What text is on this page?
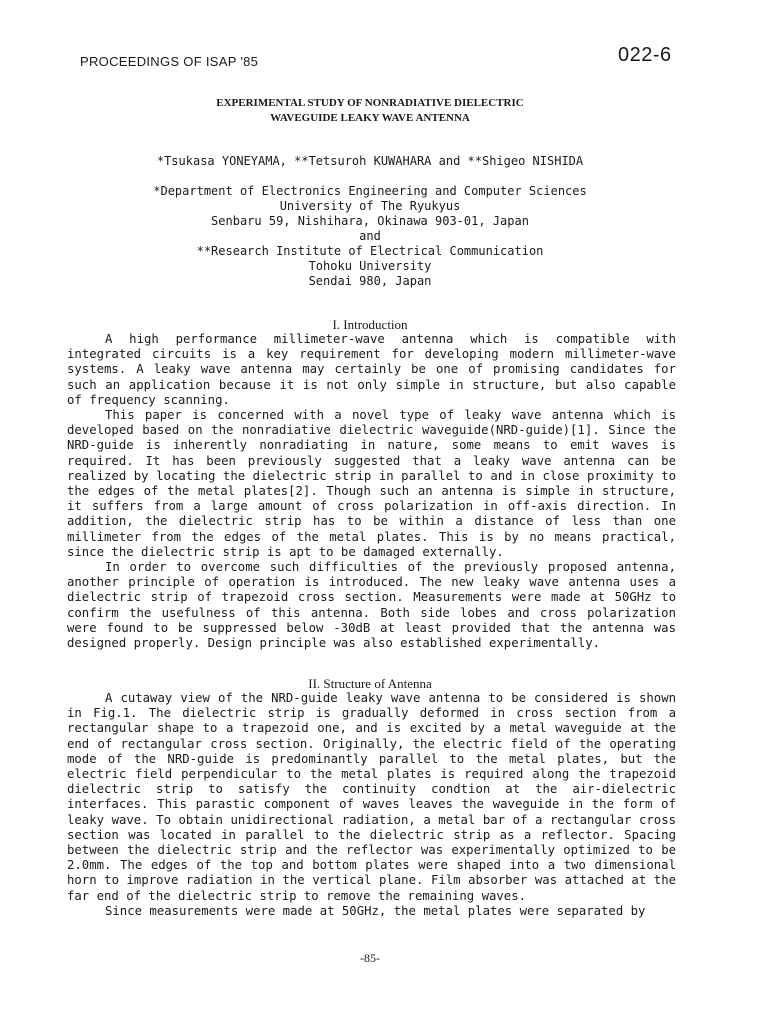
PROCEEDINGS OF ISAP '85	022-6
EXPERIMENTAL STUDY OF NONRADIATIVE DIELECTRIC
WAVEGUIDE LEAKY WAVE ANTENNA
*Tsukasa YONEYAMA, **Tetsuroh KUWAHARA and **Shigeo NISHIDA
*Department of Electronics Engineering and Computer Sciences
University of The Ryukyus
Senbaru 59, Nishihara, Okinawa 903-01, Japan
and
**Research Institute of Electrical Communication
Tohoku University
Sendai 980, Japan
I. Introduction

A high performance millimeter-wave antenna which is compatible with integrated circuits is a key requirement for developing modern millimeter-wave systems. A leaky wave antenna may certainly be one of promising candidates for such an application because it is not only simple in structure, but also capable of frequency scanning.

This paper is concerned with a novel type of leaky wave antenna which is developed based on the nonradiative dielectric waveguide(NRD-guide)[1]. Since the NRD-guide is inherently nonradiating in nature, some means to emit waves is required. It has been previously suggested that a leaky wave antenna can be realized by locating the dielectric strip in parallel to and in close proximity to the edges of the metal plates[2]. Though such an antenna is simple in structure, it suffers from a large amount of cross polarization in off-axis direction. In addition, the dielectric strip has to be within a distance of less than one millimeter from the edges of the metal plates. This is by no means practical, since the dielectric strip is apt to be damaged externally.

In order to overcome such difficulties of the previously proposed antenna, another principle of operation is introduced. The new leaky wave antenna uses a dielectric strip of trapezoid cross section. Measurements were made at 50GHz to confirm the usefulness of this antenna. Both side lobes and cross polarization were found to be suppressed below -30dB at least provided that the antenna was designed properly. Design principle was also established experimentally.

II. Structure of Antenna

A cutaway view of the NRD-guide leaky wave antenna to be considered is shown in Fig.1. The dielectric strip is gradually deformed in cross section from a rectangular shape to a trapezoid one, and is excited by a metal waveguide at the end of rectangular cross section. Originally, the electric field of the operating mode of the NRD-guide is predominantly parallel to the metal plates, but the electric field perpendicular to the metal plates is required along the trapezoid dielectric strip to satisfy the continuity condtion at the air-dielectric interfaces. This parastic component of waves leaves the waveguide in the form of leaky wave. To obtain unidirectional radiation, a metal bar of a rectangular cross section was located in parallel to the dielectric strip as a reflector. Spacing between the dielectric strip and the reflector was experimentally optimized to be 2.0mm. The edges of the top and bottom plates were shaped into a two dimensional horn to improve radiation in the vertical plane. Film absorber was attached at the far end of the dielectric strip to remove the remaining waves.

Since measurements were made at 50GHz, the metal plates were separated by

-85-
